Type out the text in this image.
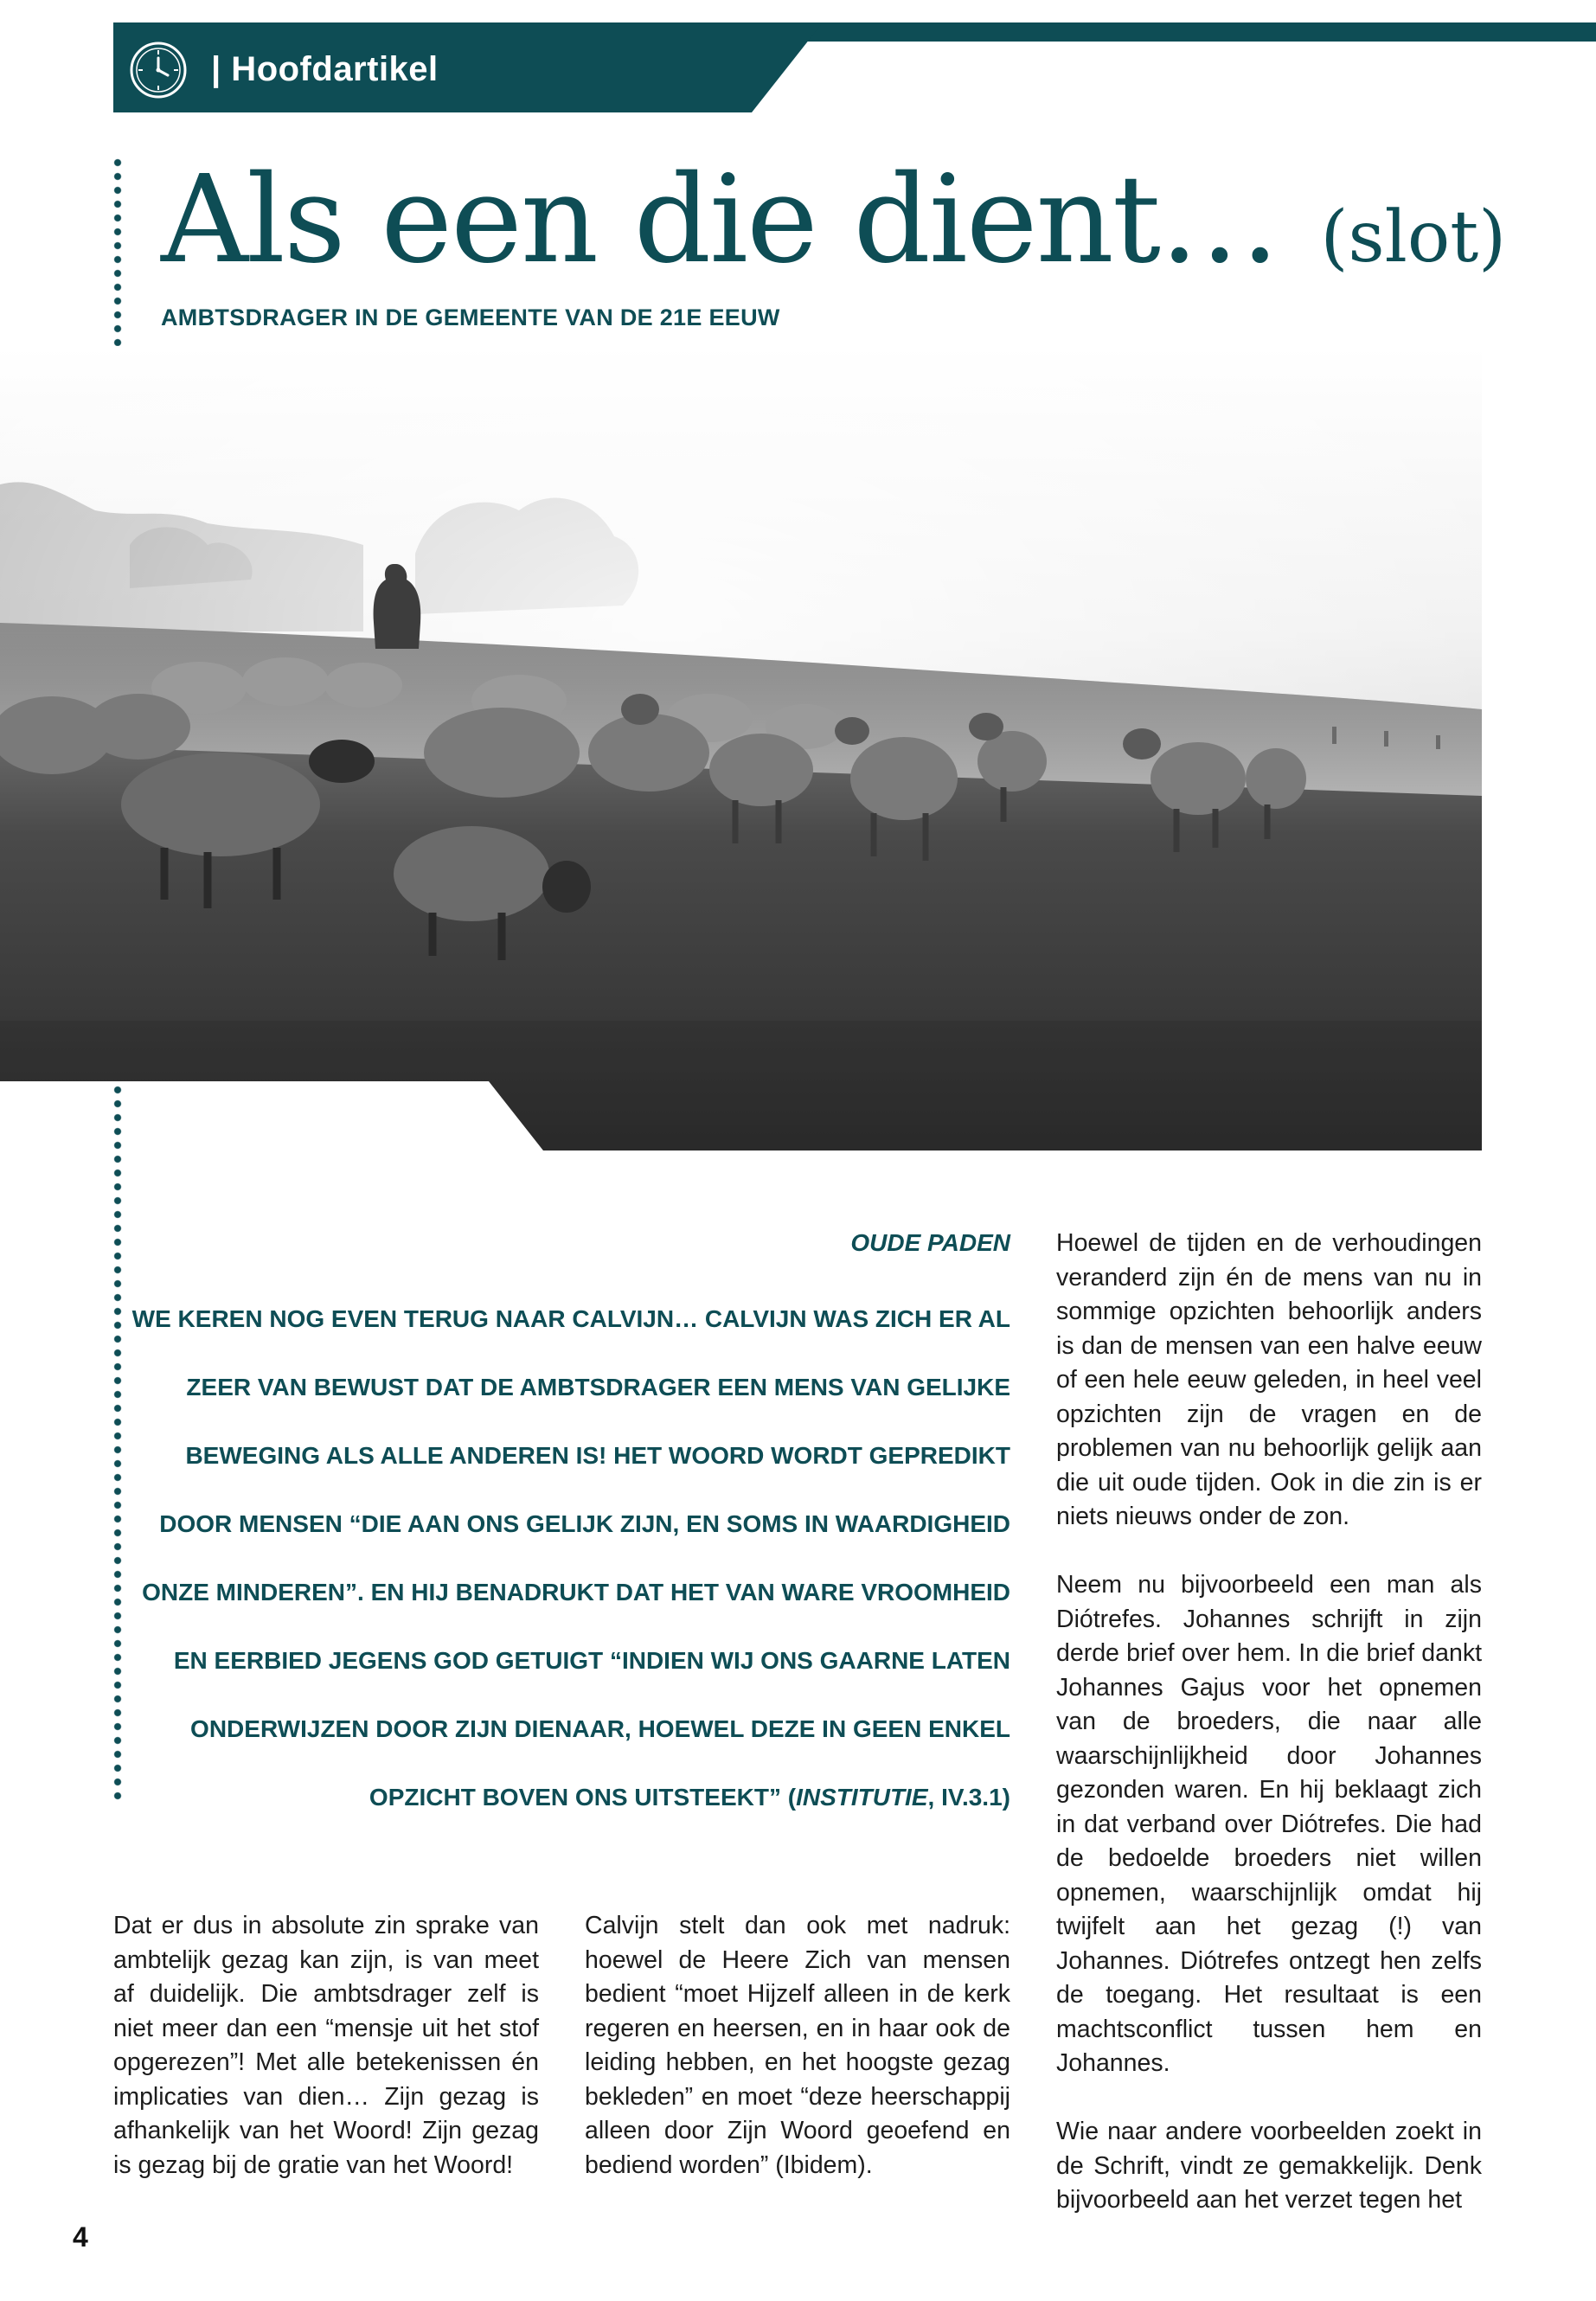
| Hoofdartikel
Als een die dient… (slot)
AMBTSDRAGER IN DE GEMEENTE VAN DE 21E EEUW
OUDE PADEN
WE KEREN NOG EVEN TERUG NAAR CALVIJN… CALVIJN WAS ZICH ER AL ZEER VAN BEWUST DAT DE AMBTSDRAGER EEN MENS VAN GELIJKE BEWEGING ALS ALLE ANDEREN IS! HET WOORD WORDT GEPREDIKT DOOR MENSEN “DIE AAN ONS GELIJK ZIJN, EN SOMS IN WAARDIGHEID ONZE MINDEREN”. EN HIJ BENADRUKT DAT HET VAN WARE VROOMHEID EN EERBIED JEGENS GOD GETUIGT “INDIEN WIJ ONS GAARNE LATEN ONDERWIJZEN DOOR ZIJN DIENAAR, HOEWEL DEZE IN GEEN ENKEL OPZICHT BOVEN ONS UITSTEEKT” (INSTITUTIE, IV.3.1)

Dat er dus in absolute zin sprake van ambtelijk gezag kan zijn, is van meet af duidelijk. Die ambtsdrager zelf is niet meer dan een “mensje uit het stof opgerezen”! Met alle betekenissen én implicaties van dien… Zijn gezag is afhankelijk van het Woord! Zijn gezag is gezag bij de gratie van het Woord!

Calvijn stelt dan ook met nadruk: hoewel de Heere Zich van mensen bedient “moet Hijzelf alleen in de kerk regeren en heersen, en in haar ook de leiding hebben, en het hoogste gezag bekleden” en moet “deze heerschappij alleen door Zijn Woord geoefend en bediend worden” (Ibidem).

Hoewel de tijden en de verhoudingen veranderd zijn én de mens van nu in sommige opzichten behoorlijk anders is dan de mensen van een halve eeuw of een hele eeuw geleden, in heel veel opzichten zijn de vragen en de problemen van nu behoorlijk gelijk aan die uit oude tijden. Ook in die zin is er niets nieuws onder de zon.

Neem nu bijvoorbeeld een man als Diótrefes. Johannes schrijft in zijn derde brief over hem. In die brief dankt Johannes Gajus voor het opnemen van de broeders, die naar alle waarschijnlijkheid door Johannes gezonden waren. En hij beklaagt zich in dat verband over Diótrefes. Die had de bedoelde broeders niet willen opnemen, waarschijnlijk omdat hij twijfelt aan het gezag (!) van Johannes. Diótrefes ontzegt hen zelfs de toegang. Het resultaat is een machtsconflict tussen hem en Johannes.

Wie naar andere voorbeelden zoekt in de Schrift, vindt ze gemakkelijk. Denk bijvoorbeeld aan het verzet tegen het

4
